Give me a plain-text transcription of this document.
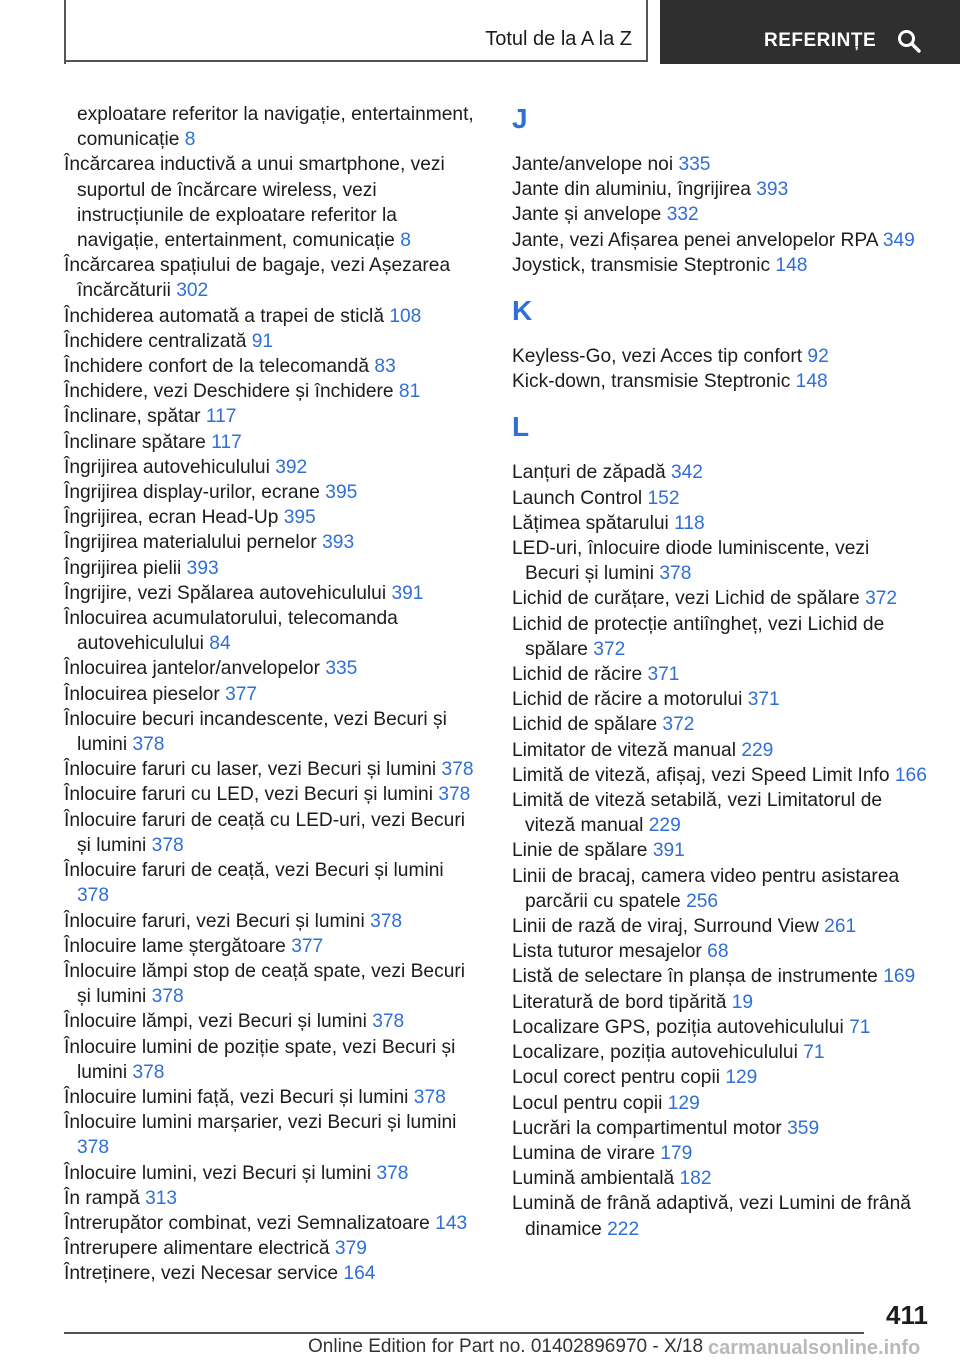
Totul de la A la Z	REFERINȚE

exploatare referitor la navigație, entertainment, comunicație 8

Încărcarea inductivă a unui smartphone, vezi suportul de încărcare wireless, vezi instrucțiunile de exploatare referitor la navigație, entertainment, comunicație 8

Încărcarea spațiului de bagaje, vezi Așezarea încărcăturii 302

Închiderea automată a trapei de sticlă 108

Închidere centralizată 91

Închidere confort de la telecomandă 83

Închidere, vezi Deschidere și închidere 81

Înclinare, spătar 117

Înclinare spătare 117

Îngrijirea autovehiculului 392

Îngrijirea display-urilor, ecrane 395

Îngrijirea, ecran Head-Up 395

Îngrijirea materialului pernelor 393

Îngrijirea pielii 393

Îngrijire, vezi Spălarea autovehiculului 391

Înlocuirea acumulatorului, telecomanda autovehiculului 84

Înlocuirea jantelor/anvelopelor 335

Înlocuirea pieselor 377

Înlocuire becuri incandescente, vezi Becuri și lumini 378

Înlocuire faruri cu laser, vezi Becuri și lumini 378

Înlocuire faruri cu LED, vezi Becuri și lumini 378

Înlocuire faruri de ceață cu LED-uri, vezi Becuri și lumini 378

Înlocuire faruri de ceață, vezi Becuri și lumini 378

Înlocuire faruri, vezi Becuri și lumini 378

Înlocuire lame ștergătoare 377

Înlocuire lămpi stop de ceață spate, vezi Becuri și lumini 378

Înlocuire lămpi, vezi Becuri și lumini 378

Înlocuire lumini de poziție spate, vezi Becuri și lumini 378

Înlocuire lumini față, vezi Becuri și lumini 378

Înlocuire lumini marșarier, vezi Becuri și lumini 378

Înlocuire lumini, vezi Becuri și lumini 378

În rampă 313

Întrerupător combinat, vezi Semnalizatoare 143

Întrerupere alimentare electrică 379

Întreținere, vezi Necesar service 164

J

Jante/anvelope noi 335

Jante din aluminiu, îngrijirea 393

Jante și anvelope 332

Jante, vezi Afișarea penei anvelopelor RPA 349

Joystick, transmisie Steptronic 148

K

Keyless-Go, vezi Acces tip confort 92

Kick-down, transmisie Steptronic 148

L

Lanțuri de zăpadă 342

Launch Control 152

Lățimea spătarului 118

LED-uri, înlocuire diode luminiscente, vezi Becuri și lumini 378

Lichid de curățare, vezi Lichid de spălare 372

Lichid de protecție antiîngheț, vezi Lichid de spălare 372

Lichid de răcire 371

Lichid de răcire a motorului 371

Lichid de spălare 372

Limitator de viteză manual 229

Limită de viteză, afișaj, vezi Speed Limit Info 166

Limită de viteză setabilă, vezi Limitatorul de viteză manual 229

Linie de spălare 391

Linii de bracaj, camera video pentru asistarea parcării cu spatele 256

Linii de rază de viraj, Surround View 261

Lista tuturor mesajelor 68

Listă de selectare în planșa de instrumente 169

Literatură de bord tipărită 19

Localizare GPS, poziția autovehiculului 71

Localizare, poziția autovehiculului 71

Locul corect pentru copii 129

Locul pentru copii 129

Lucrări la compartimentul motor 359

Lumina de virare 179

Lumină ambientală 182

Lumină de frână adaptivă, vezi Lumini de frână dinamice 222

411
Online Edition for Part no. 01402896970 - X/18 carmanualsonline.info
